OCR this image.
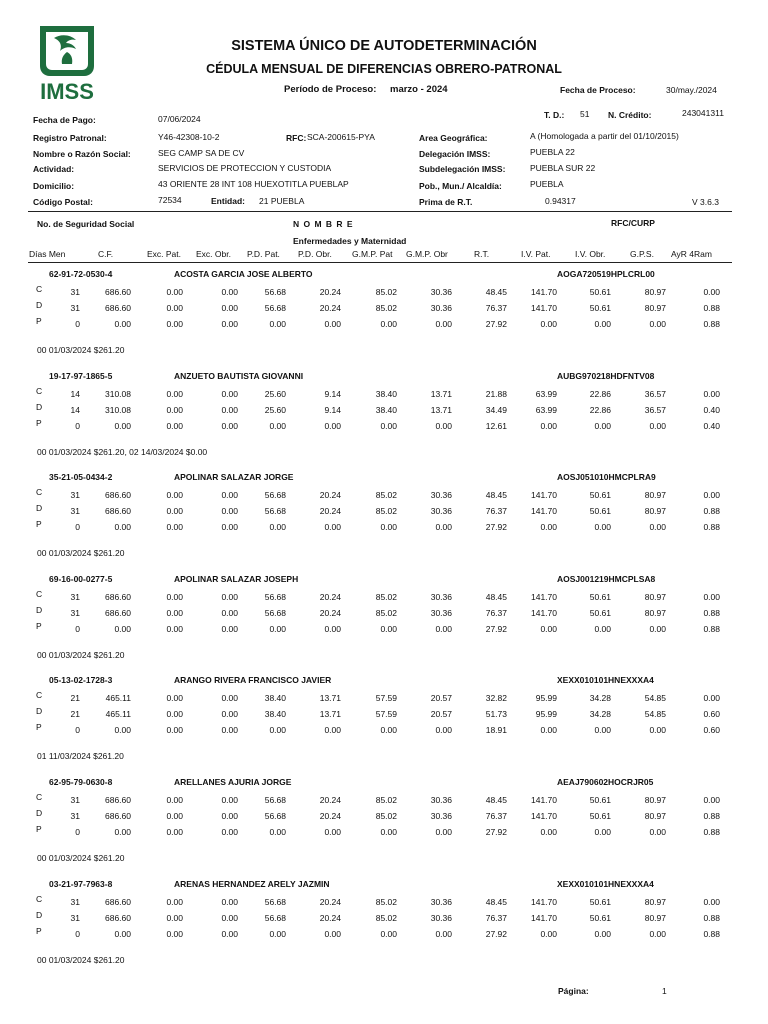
IMSS
SISTEMA ÚNICO DE AUTODETERMINACIÓN
CÉDULA MENSUAL DE DIFERENCIAS OBRERO-PATRONAL
Período de Proceso: marzo - 2024	Fecha de Proceso:	30/may./2024
Fecha de Pago:	07/06/2024	T. D.: 51 N. Crédito:	243041311
Registro Patronal:	Y46-42308-10-2	RFC: SCA-200615-PYA	Area Geográfica:	A (Homologada a partir del 01/10/2015)
Nombre o Razón Social:	SEG CAMP SA DE CV	Delegación IMSS:	PUEBLA 22
Actividad:	SERVICIOS DE PROTECCION Y CUSTODIA	Subdelegación IMSS:	PUEBLA SUR 22
Domicilio:	43 ORIENTE 28 INT 108 HUEXOTITLA PUEBLAP	Pob., Mun./ Alcaldía:	PUEBLA
Código Postal:	72534	Entidad: 21 PUEBLA	Prima de R.T.	0.94317	V 3.6.3
No. de Seguridad Social	N O M B R E	RFC/CURP
Enfermedades y Maternidad
Días Men	C.F.	Exc. Pat. Exc. Obr. P.D. Pat. P.D. Obr. G.M.P. Pat G.M.P. Obr	R.T.	I.V. Pat.	I.V. Obr.	G.P.S. AyR 4Ram
62-91-72-0530-4	ACOSTA GARCIA JOSE ALBERTO	AOGA720519HPLCRL00
C	31	686.60	0.00	0.00	56.68	20.24	85.02	30.36	48.45	141.70	50.61	80.97	0.00
D	31	686.60	0.00	0.00	56.68	20.24	85.02	30.36	76.37	141.70	50.61	80.97	0.88
P	0	0.00	0.00	0.00	0.00	0.00	0.00	0.00	27.92	0.00	0.00	0.00	0.88
00 01/03/2024 $261.20
19-17-97-1865-5	ANZUETO BAUTISTA GIOVANNI	AUBG970218HDFNTV08
C	14	310.08	0.00	0.00	25.60	9.14	38.40	13.71	21.88	63.99	22.86	36.57	0.00
D	14	310.08	0.00	0.00	25.60	9.14	38.40	13.71	34.49	63.99	22.86	36.57	0.40
P	0	0.00	0.00	0.00	0.00	0.00	0.00	0.00	12.61	0.00	0.00	0.00	0.40
00 01/03/2024 $261.20, 02 14/03/2024 $0.00
35-21-05-0434-2	APOLINAR SALAZAR JORGE	AOSJ051010HMCPLRA9
C	31	686.60	0.00	0.00	56.68	20.24	85.02	30.36	48.45	141.70	50.61	80.97	0.00
D	31	686.60	0.00	0.00	56.68	20.24	85.02	30.36	76.37	141.70	50.61	80.97	0.88
P	0	0.00	0.00	0.00	0.00	0.00	0.00	0.00	27.92	0.00	0.00	0.00	0.88
00 01/03/2024 $261.20
69-16-00-0277-5	APOLINAR SALAZAR JOSEPH	AOSJ001219HMCPLSA8
C	31	686.60	0.00	0.00	56.68	20.24	85.02	30.36	48.45	141.70	50.61	80.97	0.00
D	31	686.60	0.00	0.00	56.68	20.24	85.02	30.36	76.37	141.70	50.61	80.97	0.88
P	0	0.00	0.00	0.00	0.00	0.00	0.00	0.00	27.92	0.00	0.00	0.00	0.88
00 01/03/2024 $261.20
05-13-02-1728-3	ARANGO RIVERA FRANCISCO JAVIER	XEXX010101HNEXXXA4
C	21	465.11	0.00	0.00	38.40	13.71	57.59	20.57	32.82	95.99	34.28	54.85	0.00
D	21	465.11	0.00	0.00	38.40	13.71	57.59	20.57	51.73	95.99	34.28	54.85	0.60
P	0	0.00	0.00	0.00	0.00	0.00	0.00	0.00	18.91	0.00	0.00	0.00	0.60
01 11/03/2024 $261.20
62-95-79-0630-8	ARELLANES AJURIA JORGE	AEAJ790602HOCRJR05
C	31	686.60	0.00	0.00	56.68	20.24	85.02	30.36	48.45	141.70	50.61	80.97	0.00
D	31	686.60	0.00	0.00	56.68	20.24	85.02	30.36	76.37	141.70	50.61	80.97	0.88
P	0	0.00	0.00	0.00	0.00	0.00	0.00	0.00	27.92	0.00	0.00	0.00	0.88
00 01/03/2024 $261.20
03-21-97-7963-8	ARENAS HERNANDEZ ARELY JAZMIN	XEXX010101HNEXXXA4
C	31	686.60	0.00	0.00	56.68	20.24	85.02	30.36	48.45	141.70	50.61	80.97	0.00
D	31	686.60	0.00	0.00	56.68	20.24	85.02	30.36	76.37	141.70	50.61	80.97	0.88
P	0	0.00	0.00	0.00	0.00	0.00	0.00	0.00	27.92	0.00	0.00	0.00	0.88
00 01/03/2024 $261.20
Página:	1
